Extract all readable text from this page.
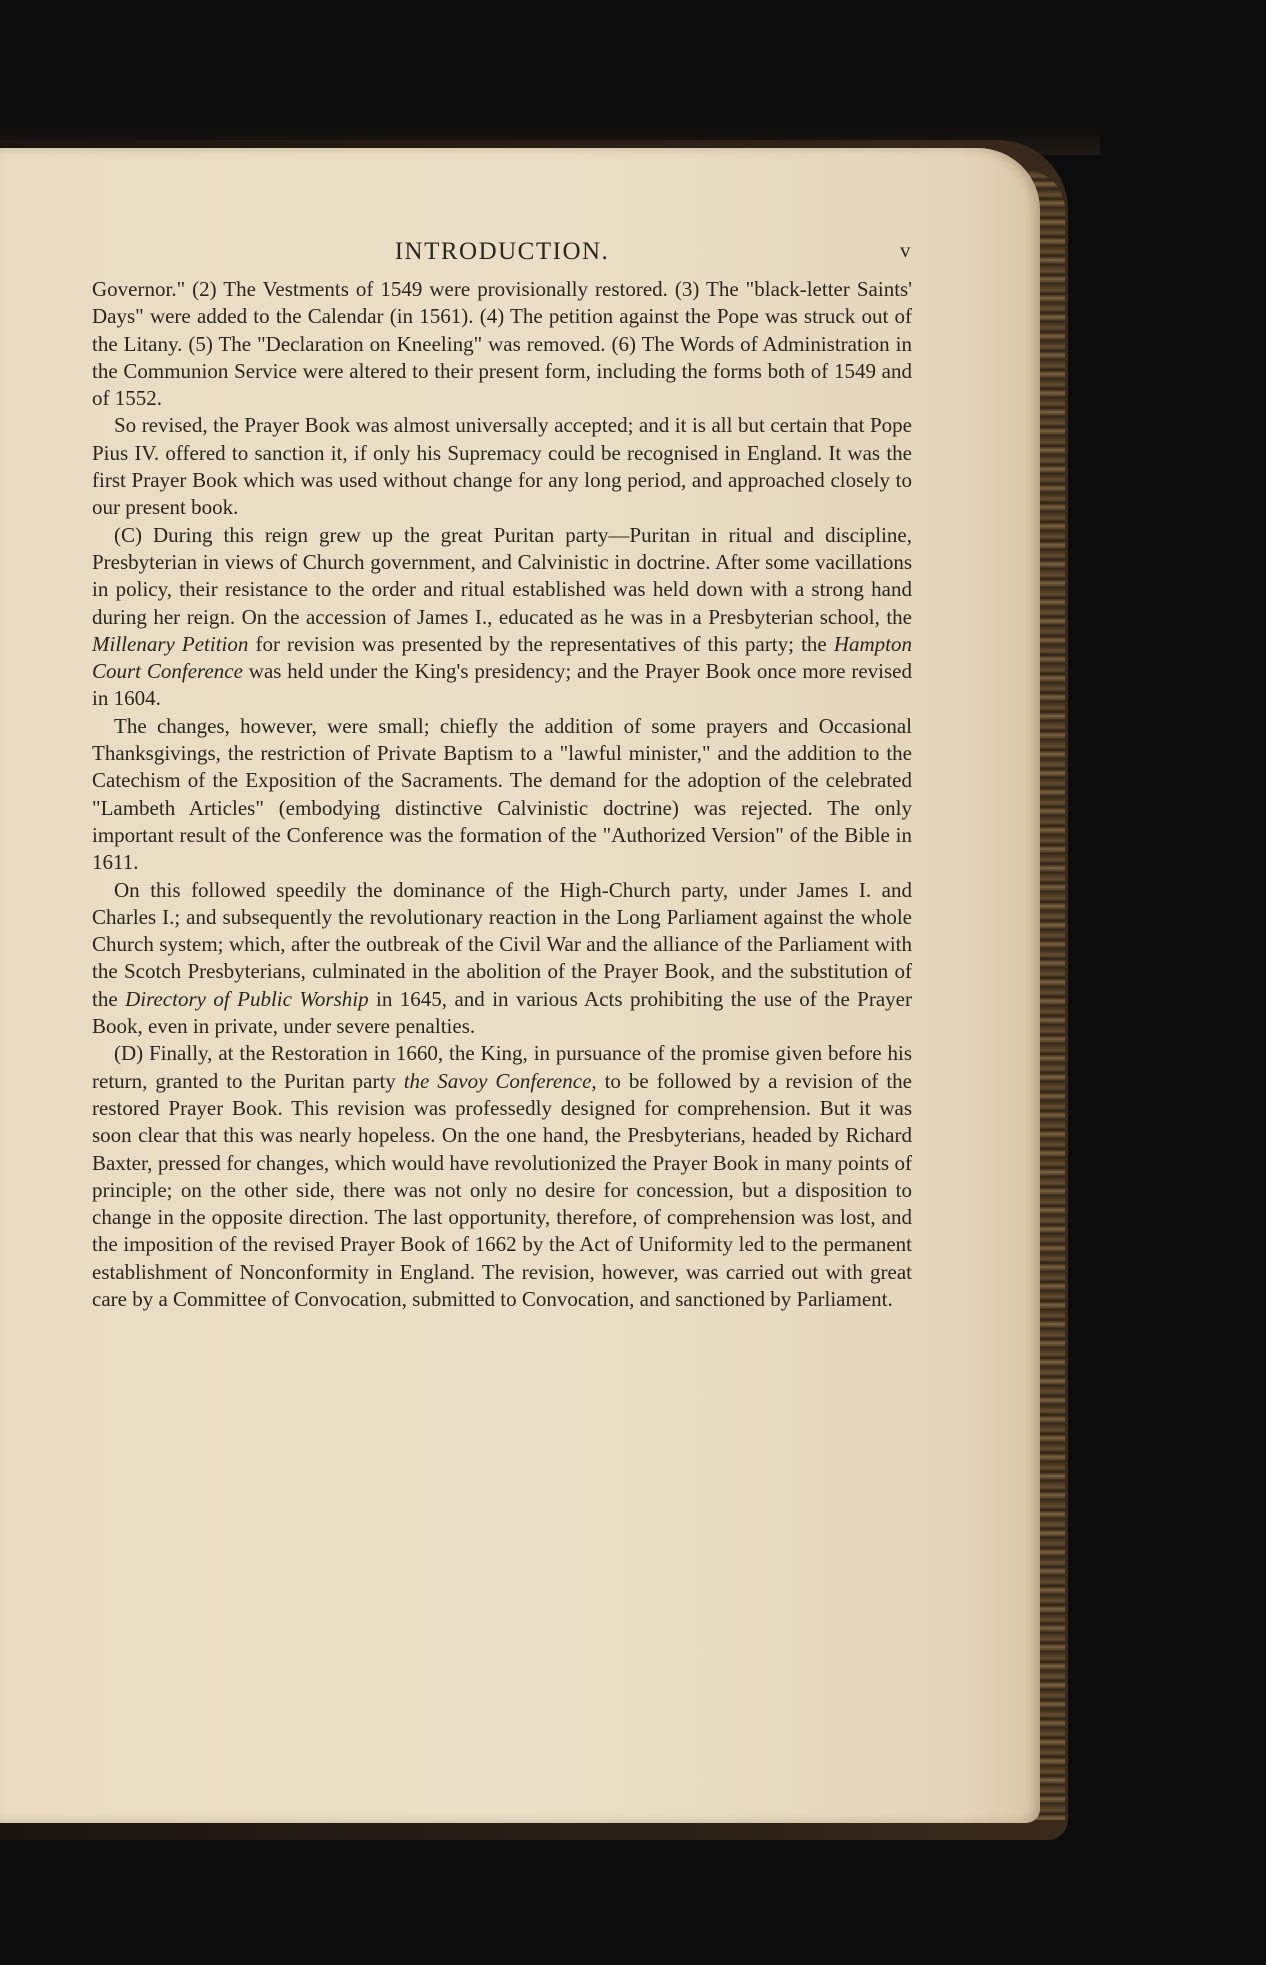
INTRODUCTION.	v

Governor." (2) The Vestments of 1549 were provisionally restored. (3) The "black-letter Saints' Days" were added to the Calendar (in 1561). (4) The petition against the Pope was struck out of the Litany. (5) The "Declaration on Kneeling" was removed. (6) The Words of Administration in the Communion Service were altered to their present form, including the forms both of 1549 and of 1552.

So revised, the Prayer Book was almost universally accepted; and it is all but certain that Pope Pius IV. offered to sanction it, if only his Supremacy could be recognised in England. It was the first Prayer Book which was used without change for any long period, and approached closely to our present book.

(C) During this reign grew up the great Puritan party—Puritan in ritual and discipline, Presbyterian in views of Church government, and Calvinistic in doctrine. After some vacillations in policy, their resistance to the order and ritual established was held down with a strong hand during her reign. On the accession of James I., educated as he was in a Presbyterian school, the Millenary Petition for revision was presented by the representatives of this party; the Hampton Court Conference was held under the King's presidency; and the Prayer Book once more revised in 1604.

The changes, however, were small; chiefly the addition of some prayers and Occasional Thanksgivings, the restriction of Private Baptism to a "lawful minister," and the addition to the Catechism of the Exposition of the Sacraments. The demand for the adoption of the celebrated "Lambeth Articles" (embodying distinctive Calvinistic doctrine) was rejected. The only important result of the Conference was the formation of the "Authorized Version" of the Bible in 1611.

On this followed speedily the dominance of the High-Church party, under James I. and Charles I.; and subsequently the revolutionary reaction in the Long Parliament against the whole Church system; which, after the outbreak of the Civil War and the alliance of the Parliament with the Scotch Presbyterians, culminated in the abolition of the Prayer Book, and the substitution of the Directory of Public Worship in 1645, and in various Acts prohibiting the use of the Prayer Book, even in private, under severe penalties.

(D) Finally, at the Restoration in 1660, the King, in pursuance of the promise given before his return, granted to the Puritan party the Savoy Conference, to be followed by a revision of the restored Prayer Book. This revision was professedly designed for comprehension. But it was soon clear that this was nearly hopeless. On the one hand, the Presbyterians, headed by Richard Baxter, pressed for changes, which would have revolutionized the Prayer Book in many points of principle; on the other side, there was not only no desire for concession, but a disposition to change in the opposite direction. The last opportunity, therefore, of comprehension was lost, and the imposition of the revised Prayer Book of 1662 by the Act of Uniformity led to the permanent establishment of Nonconformity in England. The revision, however, was carried out with great care by a Committee of Convocation, submitted to Convocation, and sanctioned by Parliament.
